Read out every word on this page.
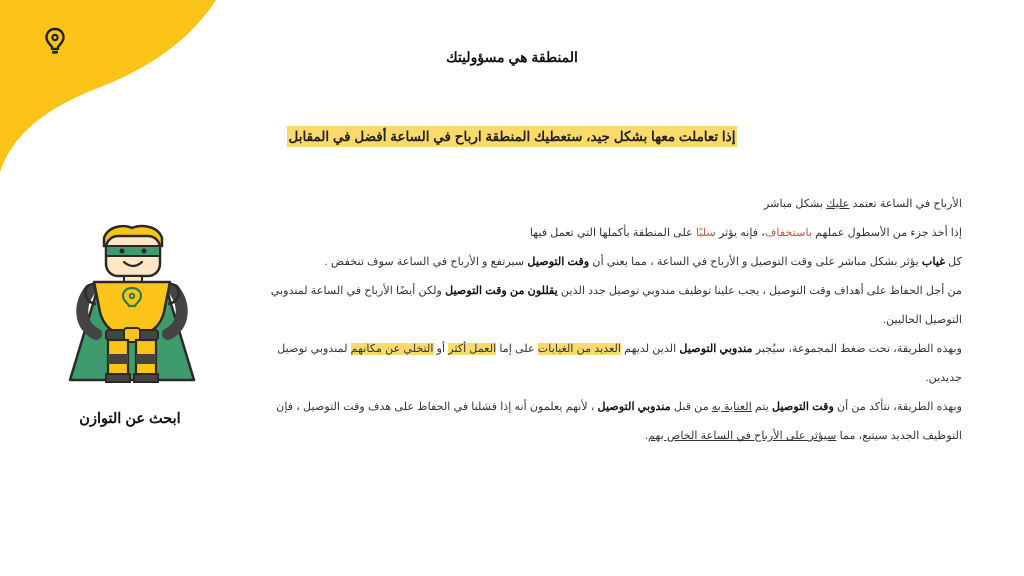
المنطقة هي مسؤوليتك
إذا تعاملت معها بشكل جيد، ستعطيك المنطقة ارباح في الساعة أفضل في المقابل

الأرباح في الساعة تعتمد عليك بشكل مباشر

إذا أخذ جزء من الأسطول عملهم باستخفاف، فإنه يؤثر سلبًا على المنطقة بأكملها التي تعمل فيها

كل غياب يؤثر بشكل مباشر على وقت التوصيل و الأرباح في الساعة ، مما يعني أن وقت التوصيل سيرتفع و الأرباح في الساعة سوف تنخفض .

من أجل الحفاظ على أهداف وقت التوصيل ، يجب علينا توظيف مندوبي توصيل جدد الذين يقللون من وقت التوصيل ولكن أيضًا الأرباح في الساعة لمندوبي التوصيل الحاليين.

وبهذه الطريقة، تحت ضغط المجموعة، سيُجبر مندوبي التوصيل الذين لديهم العديد من الغيابات على إما العمل أكثر أو التخلي عن مكانهم لمندوبي توصيل جديدين.

وبهذه الطريقة، نتأكد من أن وقت التوصيل يتم العناية به من قبل مندوبي التوصيل ، لأنهم يعلمون أنه إذا فشلنا في الحفاظ على هدف وقت التوصيل ، فإن التوظيف الجديد سيتبع، مما سيؤثر على الأرباح في الساعة الخاص بهم.

ابحث عن التوازن
